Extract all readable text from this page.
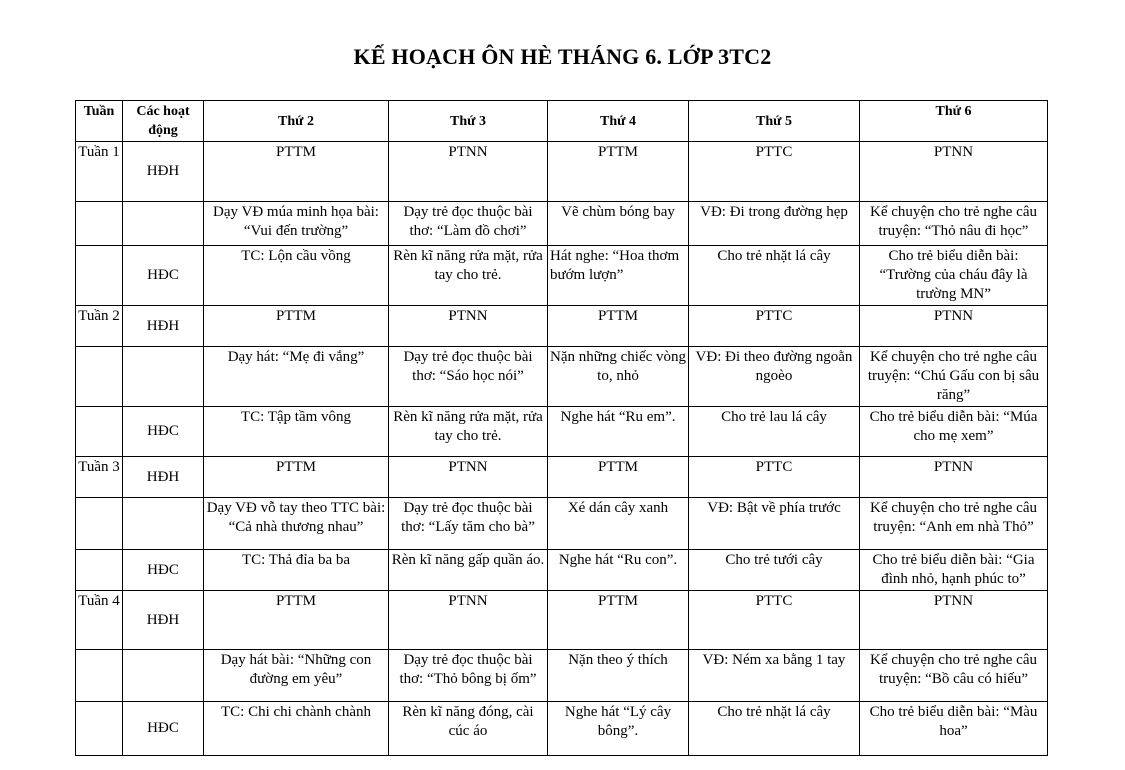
KẾ HOẠCH ÔN HÈ THÁNG 6. LỚP 3TC2
Tuần	Các hoạt động	Thứ 2	Thứ 3	Thứ 4	Thứ 5	Thứ 6
Tuần 1	HĐH	PTTM	PTNN	PTTM	PTTC	PTNN
		Dạy VĐ múa minh họa bài: “Vui đến trường”	Dạy trẻ đọc thuộc bài thơ: “Làm đồ chơi”	Vẽ chùm bóng bay	VĐ: Đi trong đường hẹp	Kể chuyện cho trẻ nghe câu truyện: “Thỏ nâu đi học”
	HĐC	TC: Lộn cầu vồng	Rèn kĩ năng rửa mặt, rửa tay cho trẻ.	Hát nghe: “Hoa thơm bướm lượn”	Cho trẻ nhặt lá cây	Cho trẻ biểu diễn bài: “Trường của cháu đây là trường MN”
Tuần 2	HĐH	PTTM	PTNN	PTTM	PTTC	PTNN
		Dạy hát: “Mẹ đi vắng”	Dạy trẻ đọc thuộc bài thơ: “Sáo học nói”	Nặn những chiếc vòng to, nhỏ	VĐ: Đi theo đường ngoằn ngoèo	Kể chuyện cho trẻ nghe câu truyện: “Chú Gấu con bị sâu răng”
	HĐC	TC: Tập tầm vông	Rèn kĩ năng rửa mặt, rửa tay cho trẻ.	Nghe hát “Ru em”.	Cho trẻ lau lá cây	Cho trẻ biểu diễn bài: “Múa cho mẹ xem”
Tuần 3	HĐH	PTTM	PTNN	PTTM	PTTC	PTNN
		Dạy VĐ vỗ tay theo TTC bài: “Cả nhà thương nhau”	Dạy trẻ đọc thuộc bài thơ: “Lấy tăm cho bà”	Xé dán cây xanh	VĐ: Bật về phía trước	Kể chuyện cho trẻ nghe câu truyện: “Anh em nhà Thỏ”
	HĐC	TC: Thả đỉa ba ba	Rèn kĩ năng gấp quần áo.	Nghe hát “Ru con”.	Cho trẻ tưới cây	Cho trẻ biểu diễn bài: “Gia đình nhỏ, hạnh phúc to”
Tuần 4	HĐH	PTTM	PTNN	PTTM	PTTC	PTNN
		Dạy hát bài: “Những con đường em yêu”	Dạy trẻ đọc thuộc bài thơ: “Thỏ bông bị ốm”	Nặn theo ý thích	VĐ: Ném xa bằng 1 tay	Kể chuyện cho trẻ nghe câu truyện: “Bồ câu có hiếu”
	HĐC	TC: Chi chi chành chành	Rèn kĩ năng đóng, cài cúc áo	Nghe hát “Lý cây bông”.	Cho trẻ nhặt lá cây	Cho trẻ biểu diễn bài: “Màu hoa”
